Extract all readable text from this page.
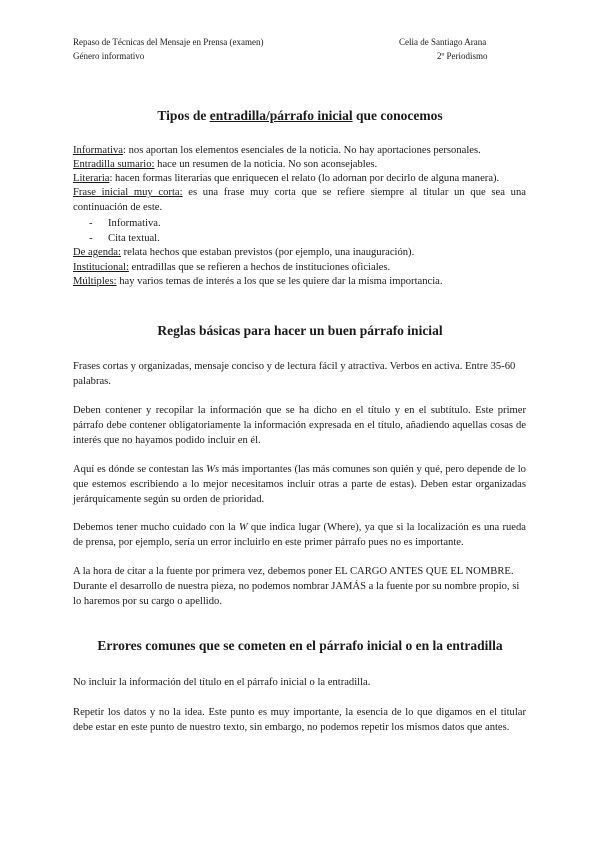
Repaso de Técnicas del Mensaje en Prensa (examen)
Género informativo
Celia de Santiago Arana
2º Periodismo
Tipos de entradilla/párrafo inicial que conocemos
Informativa: nos aportan los elementos esenciales de la noticia. No hay aportaciones personales.
Entradilla sumario: hace un resumen de la noticia. No son aconsejables.
Literaria: hacen formas literarias que enriquecen el relato (lo adornan por decirlo de alguna manera).
Frase inicial muy corta: es una frase muy corta que se refiere siempre al titular un que sea una continuación de este.
- Informativa.
- Cita textual.
De agenda: relata hechos que estaban previstos (por ejemplo, una inauguración).
Institucional: entradillas que se refieren a hechos de instituciones oficiales.
Múltiples: hay varios temas de interés a los que se les quiere dar la misma importancia.
Reglas básicas para hacer un buen párrafo inicial
Frases cortas y organizadas, mensaje conciso y de lectura fácil y atractiva. Verbos en activa. Entre 35-60 palabras.
Deben contener y recopilar la información que se ha dicho en el título y en el subtítulo. Este primer párrafo debe contener obligatoriamente la información expresada en el título, añadiendo aquellas cosas de interés que no hayamos podido incluir en él.
Aquí es dónde se contestan las Ws más importantes (las más comunes son quién y qué, pero depende de lo que estemos escribiendo a lo mejor necesitamos incluir otras a parte de estas). Deben estar organizadas jerárquicamente según su orden de prioridad.
Debemos tener mucho cuidado con la W que indica lugar (Where), ya que si la localización es una rueda de prensa, por ejemplo, sería un error incluirlo en este primer párrafo pues no es importante.
A la hora de citar a la fuente por primera vez, debemos poner EL CARGO ANTES QUE EL NOMBRE. Durante el desarrollo de nuestra pieza, no podemos nombrar JAMÁS a la fuente por su nombre propio, si lo haremos por su cargo o apellido.
Errores comunes que se cometen en el párrafo inicial o en la entradilla
No incluir la información del título en el párrafo inicial o la entradilla.
Repetir los datos y no la idea. Este punto es muy importante, la esencia de lo que digamos en el titular debe estar en este punto de nuestro texto, sin embargo, no podemos repetir los mismos datos que antes.
